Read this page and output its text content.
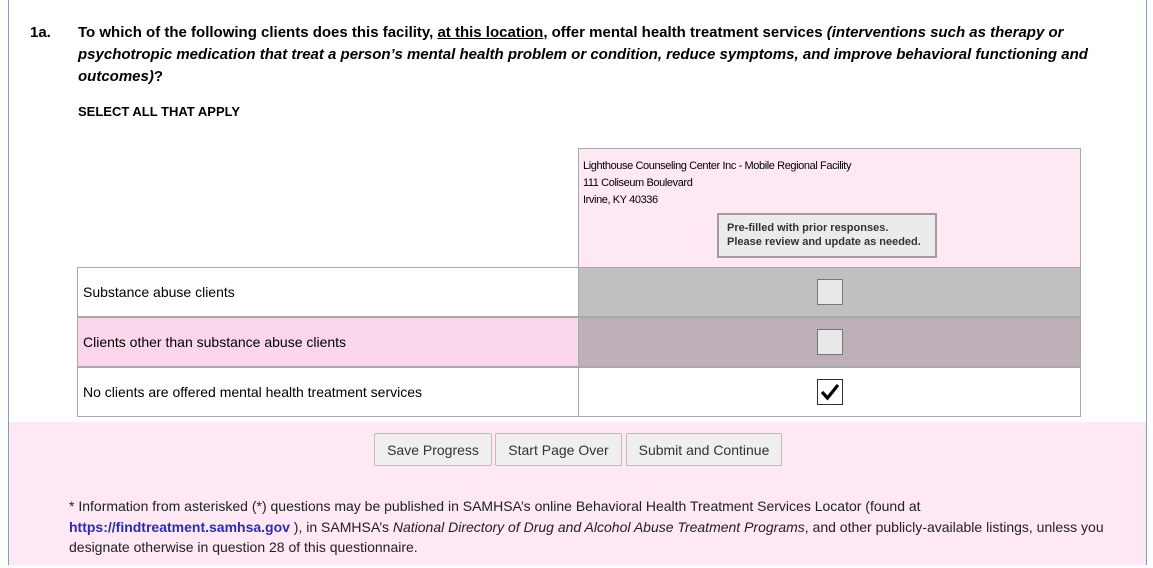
1a. To which of the following clients does this facility, at this location, offer mental health treatment services (interventions such as therapy or psychotropic medication that treat a person’s mental health problem or condition, reduce symptoms, and improve behavioral functioning and outcomes)?
SELECT ALL THAT APPLY
Lighthouse Counseling Center Inc - Mobile Regional Facility
111 Coliseum Boulevard
Irvine, KY 40336
Pre-filled with prior responses.
Please review and update as needed.
Substance abuse clients
Clients other than substance abuse clients
No clients are offered mental health treatment services
Save Progress	Start Page Over	Submit and Continue
* Information from asterisked (*) questions may be published in SAMHSA’s online Behavioral Health Treatment Services Locator (found at https://findtreatment.samhsa.gov ), in SAMHSA’s National Directory of Drug and Alcohol Abuse Treatment Programs, and other publicly-available listings, unless you designate otherwise in question 28 of this questionnaire.
